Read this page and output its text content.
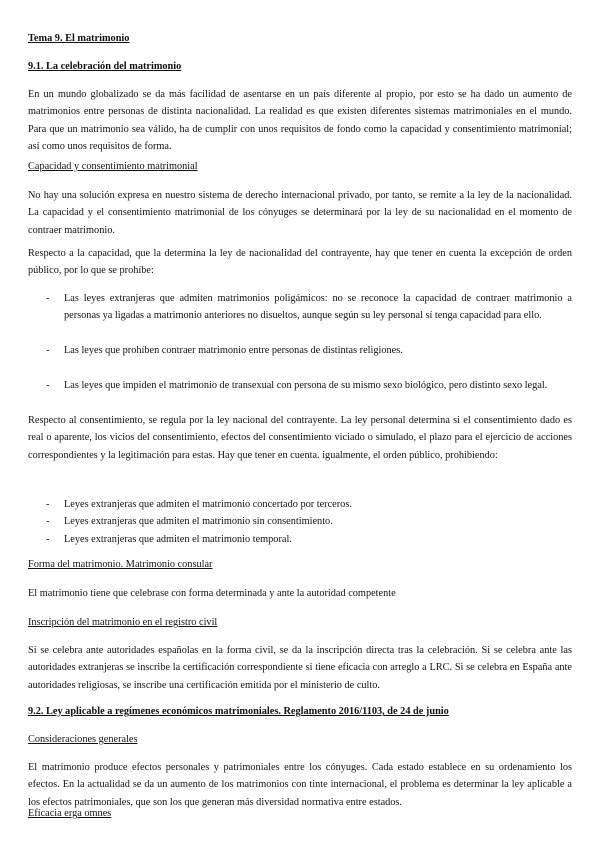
Tema 9. El matrimonio
9.1. La celebración del matrimonio
En un mundo globalizado se da más facilidad de asentarse en un país diferente al propio, por esto se ha dado un aumento de matrimonios entre personas de distinta nacionalidad. La realidad es que existen diferentes sistemas matrimoniales en el mundo. Para que un matrimonio sea válido, ha de cumplir con unos requisitos de fondo como la capacidad y consentimiento matrimonial; así como unos requisitos de forma.
Capacidad y consentimiento matrimonial
No hay una solución expresa en nuestro sistema de derecho internacional privado, por tanto, se remite a la ley de la nacionalidad. La capacidad y el consentimiento matrimonial de los cónyuges se determinará por la ley de su nacionalidad en el momento de contraer matrimonio.
Respecto a la capacidad, que la determina la ley de nacionalidad del contrayente, hay que tener en cuenta la excepción de orden público, por lo que se prohíbe:
- Las leyes extranjeras que admiten matrimonios poligámicos: no se reconoce la capacidad de contraer matrimonio a personas ya ligadas a matrimonio anteriores no disueltos, aunque según su ley personal sí tenga capacidad para ello.
- Las leyes que prohíben contraer matrimonio entre personas de distintas religiones.
- Las leyes que impiden el matrimonio de transexual con persona de su mismo sexo biológico, pero distinto sexo legal.
Respecto al consentimiento, se regula por la ley nacional del contrayente. La ley personal determina si el consentimiento dado es real o aparente, los vicios del consentimiento, efectos del consentimiento viciado o simulado, el plazo para el ejercicio de acciones correspondientes y la legitimación para estas. Hay que tener en cuenta. igualmente, el orden público, prohibiendo:
- Leyes extranjeras que admiten el matrimonio concertado por terceros.
- Leyes extranjeras que admiten el matrimonio sin consentimiento.
- Leyes extranjeras que admiten el matrimonio temporal.
Forma del matrimonio. Matrimonio consular
El matrimonio tiene que celebrase con forma determinada y ante la autoridad competente
Inscripción del matrimonio en el registro civil
Si se celebra ante autoridades españolas en la forma civil, se da la inscripción directa tras la celebración. Si se celebra ante las autoridades extranjeras se inscribe la certificación correspondiente si tiene eficacia con arreglo a LRC. Si se celebra en España ante autoridades religiosas, se inscribe una certificación emitida por el ministerio de culto.
9.2. Ley aplicable a regímenes económicos matrimoniales. Reglamento 2016/1103, de 24 de junio
Consideraciones generales
El matrimonio produce efectos personales y patrimoniales entre los cónyuges. Cada estado establece en su ordenamiento los efectos. En la actualidad se da un aumento de los matrimonios con tinte internacional, el problema es determinar la ley aplicable a los efectos patrimoniales, que son los que generan más diversidad normativa entre estados.
Eficacia erga omnes
